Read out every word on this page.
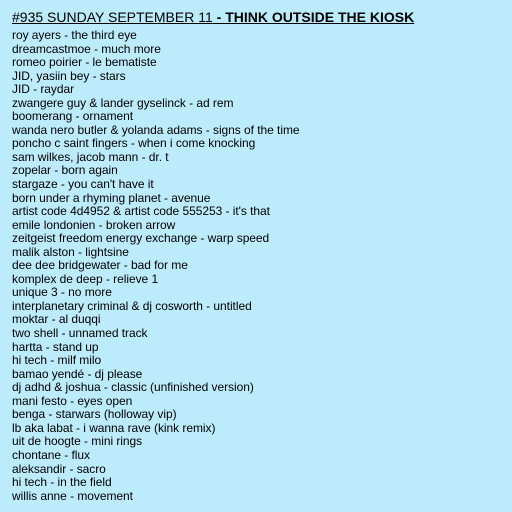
#935 SUNDAY SEPTEMBER 11 - THINK OUTSIDE THE KIOSK
roy ayers - the third eye
dreamcastmoe - much more
romeo poirier - le bematiste
JID, yasiin bey - stars
JID - raydar
zwangere guy & lander gyselinck - ad rem
boomerang - ornament
wanda nero butler & yolanda adams - signs of the time
poncho c saint fingers - when i come knocking
sam wilkes, jacob mann - dr. t
zopelar - born again
stargaze - you can't have it
born under a rhyming planet - avenue
artist code 4d4952 & artist code 555253 - it's that
emile londonien - broken arrow
zeitgeist freedom energy exchange - warp speed
malik alston - lightsine
dee dee bridgewater - bad for me
komplex de deep - relieve 1
unique 3 - no more
interplanetary criminal & dj cosworth - untitled
moktar - al duqqi
two shell - unnamed track
hartta - stand up
hi tech - milf milo
bamao yendé - dj please
dj adhd & joshua - classic (unfinished version)
mani festo - eyes open
benga - starwars (holloway vip)
lb aka labat - i wanna rave (kink remix)
uit de hoogte - mini rings
chontane - flux
aleksandir - sacro
hi tech - in the field
willis anne - movement
